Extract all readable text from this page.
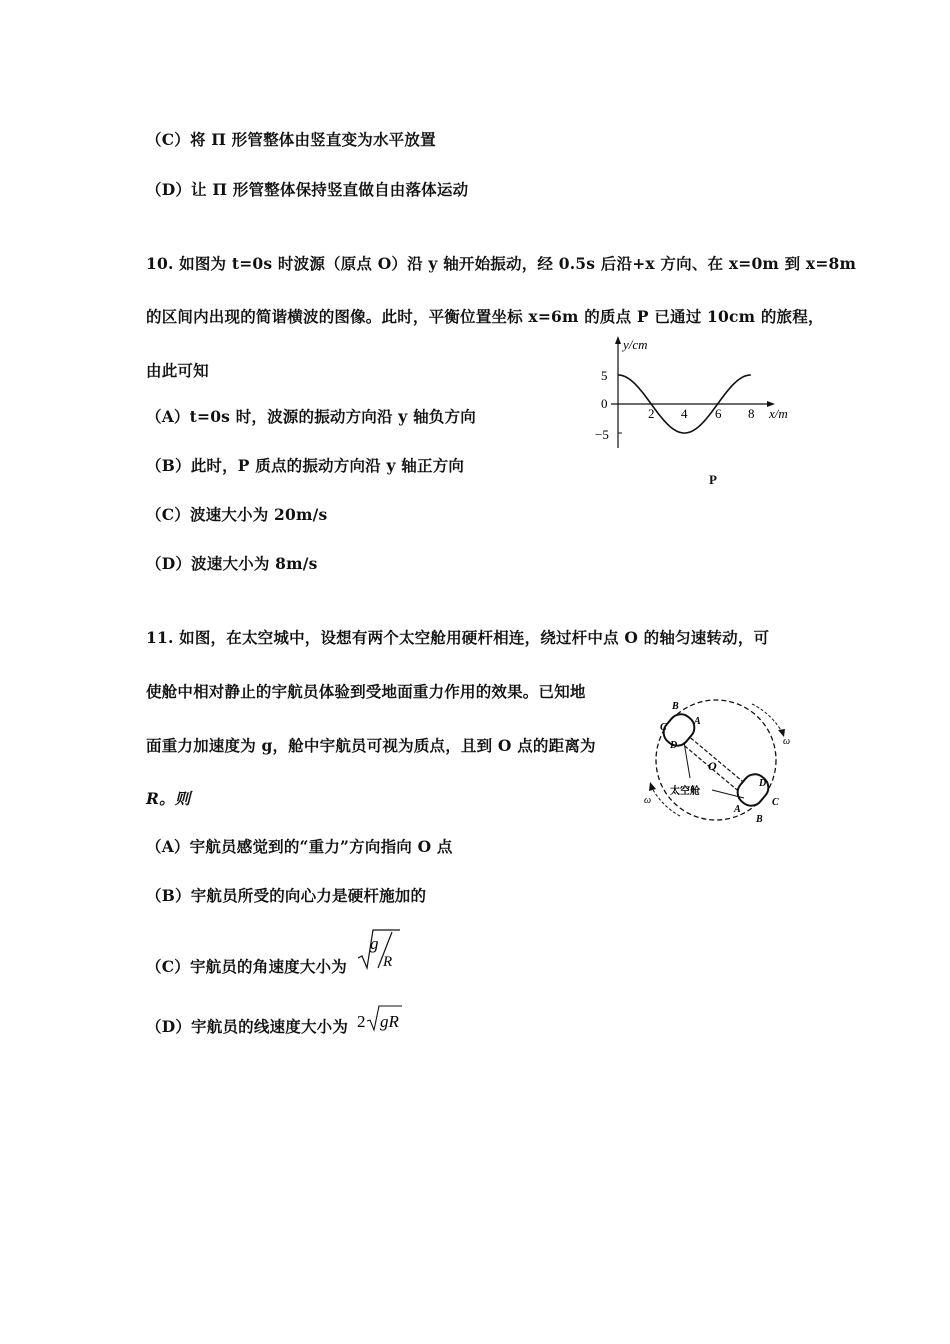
（C）将 Π 形管整体由竖直变为水平放置
（D）让 Π 形管整体保持竖直做自由落体运动
10. 如图为 t=0s 时波源（原点 O）沿 y 轴开始振动，经 0.5s 后沿+x 方向、在 x=0m 到 x=8m
的区间内出现的简谐横波的图像。此时，平衡位置坐标 x=6m 的质点 P 已通过 10cm 的旅程，
由此可知
（A）t=0s 时，波源的振动方向沿 y 轴负方向
（B）此时，P 质点的振动方向沿 y 轴正方向
（C）波速大小为 20m/s
（D）波速大小为 8m/s
y/cm
x/m
5
0
−5
2 4 6 8
P
11. 如图，在太空城中，设想有两个太空舱用硬杆相连，绕过杆中点 O 的轴匀速转动，可
使舱中相对静止的宇航员体验到受地面重力作用的效果。已知地
面重力加速度为 g，舱中宇航员可视为质点，且到 O 点的距离为
R。则
（A）宇航员感觉到的“重力”方向指向 O 点
（B）宇航员所受的向心力是硬杆施加的
（C）宇航员的角速度大小为
g
R
（D）宇航员的线速度大小为 2 gR
太空舱
O
ω
ω
B
C
A
D
D
C
A
B
